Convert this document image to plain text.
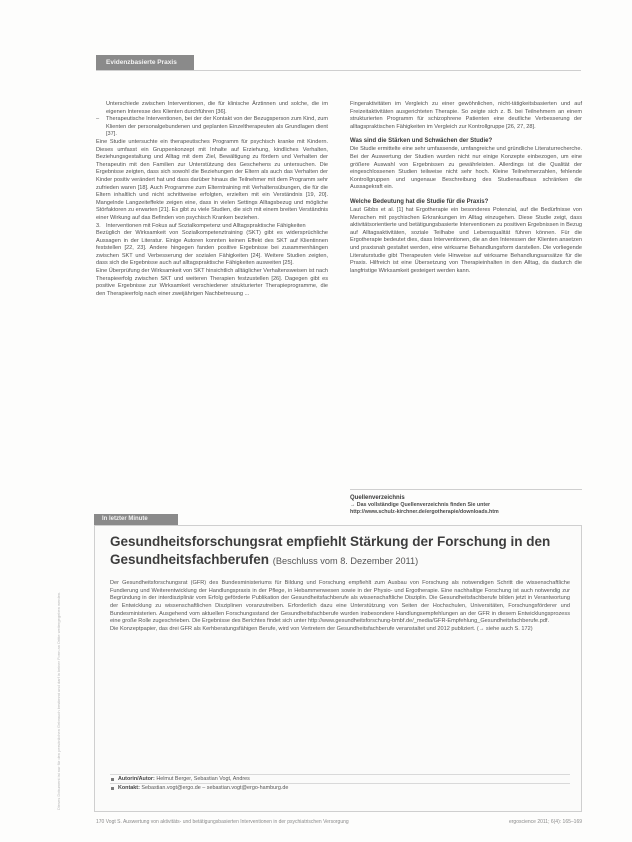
Dieses Dokument ist nur für den persönlichen Gebrauch bestimmt und darf in keiner Form an Dritte weitergegeben werden.
Evidenzbasierte Praxis
Unterschiede zwischen Interventionen, die für klinische Ärztinnen und solche, die im eigenen Interesse des Klienten durchführen [36].
– Therapeutische Interventionen, bei der der Kontakt von der Bezugsperson zum Kind, zum Klienten der personalgebundenen und geplanten Einzeltherapeuten als Grundlagen dient [37].

Eine Studie untersuchte ein therapeutisches Programm für psychisch kranke mit Kindern. Dieses umfasst ein Gruppenkonzept mit Inhalte auf Erziehung, kindliches Verhalten, Beziehungsgestaltung und Alltag mit dem Ziel, Bewältigung zu fördern und Verhalten der Therapeutin mit den Familien zur Unterstützung des Geschehens zu untersuchen. Die Ergebnisse zeigten, dass sich sowohl die Beziehungen der Eltern als auch das Verhalten der Kinder positiv verändert hat und dass darüber hinaus die Teilnehmer mit dem Programm sehr zufrieden waren [18]. Auch Programme zum Elterntraining mit Verhaltensübungen, die für die Eltern inhaltlich und nicht schrittweise erfolgten, erzielten mit ein Verständnis [19, 20]. Mangelnde Langzeiteffekte zeigen eine, dass in vielen Settings Alltagsbezug und mögliche Störfaktoren zu erwarten [21]. Es gibt zu viele Studien, die sich mit einem breiten Verständnis einer Wirkung auf das Befinden von psychisch Kranken beziehen.

3. Interventionen mit Fokus auf Sozialkompetenz und Alltagspraktische Fähigkeiten

Bezüglich der Wirksamkeit von Sozialkompetenztraining (SKT) gibt es widersprüchliche Aussagen in der Literatur. Einige Autoren konnten keinen Effekt des SKT auf Klientinnen feststellen [22, 23]. Andere hingegen fanden positive Ergebnisse bei zusammenhängen zwischen SKT und Verbesserung der sozialen Fähigkeiten [24]. Weitere Studien zeigten, dass sich die Ergebnisse auch auf alltagspraktische Fähigkeiten ausweiten [25].

Eine Überprüfung der Wirksamkeit von SKT hinsichtlich alltäglicher Verhaltensweisen ist nach Therapieerfolg zwischen SKT und weiteren Therapien festzustellen [26]. Dagegen gibt es positive Ergebnisse zur Wirksamkeit verschiedener strukturierter Therapieprogramme, die den Therapieerfolg nach einer zweijährigen Nachbetreuung ...

Fingeraktivitäten im Vergleich zu einer gewöhnlichen, nicht-tätigkeitsbasierten und auf Freizeitaktivitäten ausgerichteten Therapie. So zeigte sich z. B. bei Teilnehmern an einem strukturierten Programm für schizophrene Patienten eine deutliche Verbesserung der alltagspraktischen Fähigkeiten im Vergleich zur Kontrollgruppe [26, 27, 28].

Was sind die Stärken und Schwächen der Studie?

Die Studie ermittelte eine sehr umfassende, umfangreiche und gründliche Literaturrecherche. Bei der Auswertung der Studien wurden nicht nur einige Konzepte einbezogen, um eine größere Auswahl von Ergebnissen zu gewährleisten. Allerdings ist die Qualität der eingeschlossenen Studien teilweise nicht sehr hoch. Kleine Teilnehmerzahlen, fehlende Kontrollgruppen und ungenaue Beschreibung des Studienaufbaus schränken die Aussagekraft ein.

Welche Bedeutung hat die Studie für die Praxis?

Laut Gibbs et al. [1] hat Ergotherapie ein besonderes Potenzial, auf die Bedürfnisse von Menschen mit psychischen Erkrankungen im Alltag einzugehen. Diese Studie zeigt, dass aktivitätsorientierte und betätigungsbasierte Interventionen zu positiven Ergebnissen in Bezug auf Alltagsaktivitäten, soziale Teilhabe und Lebensqualität führen können. Für die Ergotherapie bedeutet dies, dass Interventionen, die an den Interessen der Klienten ansetzen und praxisnah gestaltet werden, eine wirksame Behandlungsform darstellen. Die vorliegende Literaturstudie gibt Therapeuten viele Hinweise auf wirksame Behandlungsansätze für die Praxis. Hilfreich ist eine Übersetzung von Therapieinhalten in den Alltag, da dadurch die langfristige Wirksamkeit gesteigert werden kann.

Quellenverzeichnis
→ Das vollständige Quellenverzeichnis finden Sie unter
http://www.schulz-kirchner.de/ergotherapie/downloads.htm
In letzter Minute
Gesundheitsforschungsrat empfiehlt Stärkung der Forschung in den Gesundheitsfachberufen (Beschluss vom 8. Dezember 2011)

Der Gesundheitsforschungsrat (GFR) des Bundesministeriums für Bildung und Forschung empfiehlt zum Ausbau von Forschung als notwendigen Schritt die wissenschaftliche Fundierung und Weiterentwicklung der Handlungspraxis in der Pflege, in Hebammenwesen sowie in der Physio- und Ergotherapie. Eine nachhaltige Forschung ist auch notwendig zur Begründung in der interdisziplinär vom Erfolg geförderte Publikation der Gesundheitsfachberufe als wissenschaftliche Disziplin. Die Gesundheitsfachberufe bilden jetzt in Verantwortung der Entwicklung zu wissenschaftlichen Disziplinen voranzutreiben. Erforderlich dazu eine Unterstützung von Seiten der Hochschulen, Universitäten, Forschungsförderer und Bundesministerien. Ausgehend vom aktuellen Forschungsstand der Gesundheitsfachberufe wurden insbesondere Handlungsempfehlungen an der GFR in diesem Entwicklungsprozess eine große Rolle zugeschrieben. Die Ergebnisse des Berichtes findet sich unter http://www.gesundheitsforschung-bmbf.de/_media/GFR-Empfehlung_Gesundheitsfachberufe.pdf.

Die Konzeptpapier, das drei GFR als Kerhberatungsfähigen Berufe, wird von Vertretern der Gesundheitsfachberufe veranstaltet und 2012 publiziert. (→ siehe auch S. 172)

Autorin/Autor: Helmut Berger, Sebastian Vogt, Andres
Kontakt: Sebastian.vogt@ergo.de – sebastian.vogt@ergo-hamburg.de
170 Vogt S. Auswertung von aktivitäts- und betätigungsbasierten Interventionen in der psychiatrischen Versorgung	ergoscience 2011; 6(4): 165–169
